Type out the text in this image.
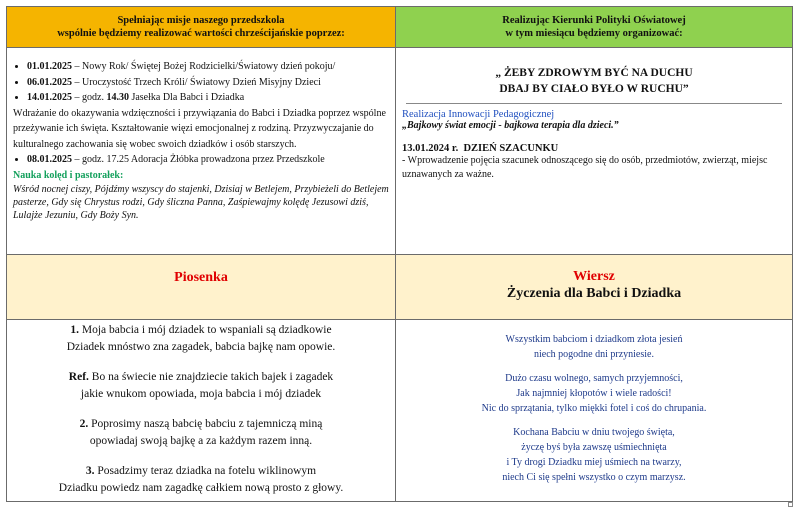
Spełniając misje naszego przedszkola
wspólnie będziemy realizować wartości chrześcijańskie poprzez:
Realizując Kierunki Polityki Oświatowej
w tym miesiącu będziemy organizować:
• 01.01.2025 – Nowy Rok/ Świętej Bożej Rodzicielki/Światowy dzień pokoju/
• 06.01.2025 – Uroczystość Trzech Króli/ Światowy Dzień Misyjny Dzieci
• 14.01.2025 – godz. 14.30 Jasełka Dla Babci i Dziadka

Wdrażanie do okazywania wdzięczności i przywiązania do Babci i Dziadka poprzez wspólne przeżywanie ich święta. Kształtowanie więzi emocjonalnej z rodziną. Przyzwyczajanie do kulturalnego zachowania się wobec swoich dziadków i osób starszych.

• 08.01.2025 – godz. 17.25 Adoracja Żłóbka prowadzona przez Przedszkole
Nauka kolęd i pastorałek:
Wśród nocnej ciszy, Pójdźmy wszyscy do stajenki, Dzisiaj w Betlejem, Przybieżeli do Betlejem pasterze, Gdy się Chrystus rodzi, Gdy śliczna Panna, Zaśpiewajmy kolędę Jezusowi dziś, Lulajże Jezuniu, Gdy Boży Syn.
„ ŻEBY ZDROWYM BYĆ NA DUCHU
DBAJ BY CIAŁO BYŁO W RUCHU”
Realizacja Innowacji Pedagogicznej
„Bajkowy świat emocji - bajkowa terapia dla dzieci.”
13.01.2024 r. DZIEŃ SZACUNKU
- Wprowadzenie pojęcia szacunek odnoszącego się do osób, przedmiotów, zwierząt, miejsc uznawanych za ważne.
Piosenka	Wiersz
Życzenia dla Babci i Dziadka
1. Moja babcia i mój dziadek to wspaniali są dziadkowie
Dziadek mnóstwo zna zagadek, babcia bajkę nam opowie.
Ref. Bo na świecie nie znajdziecie takich bajek i zagadek
jakie wnukom opowiada, moja babcia i mój dziadek
2. Poprosimy naszą babcię babciu z tajemniczą miną
opowiadaj swoją bajkę a za każdym razem inną.
3. Posadzimy teraz dziadka na fotelu wiklinowym
Dziadku powiedz nam zagadkę całkiem nową prosto z głowy.
Wszystkim babciom i dziadkom złota jesień
niech pogodne dni przyniesie.
Dużo czasu wolnego, samych przyjemności,
Jak najmniej kłopotów i wiele radości!
Nic do sprzątania, tylko miękki fotel i coś do chrupania.
Kochana Babciu w dniu twojego święta,
życzę byś była zawszę uśmiechnięta
i Ty drogi Dziadku miej uśmiech na twarzy,
niech Ci się spełni wszystko o czym marzysz.
